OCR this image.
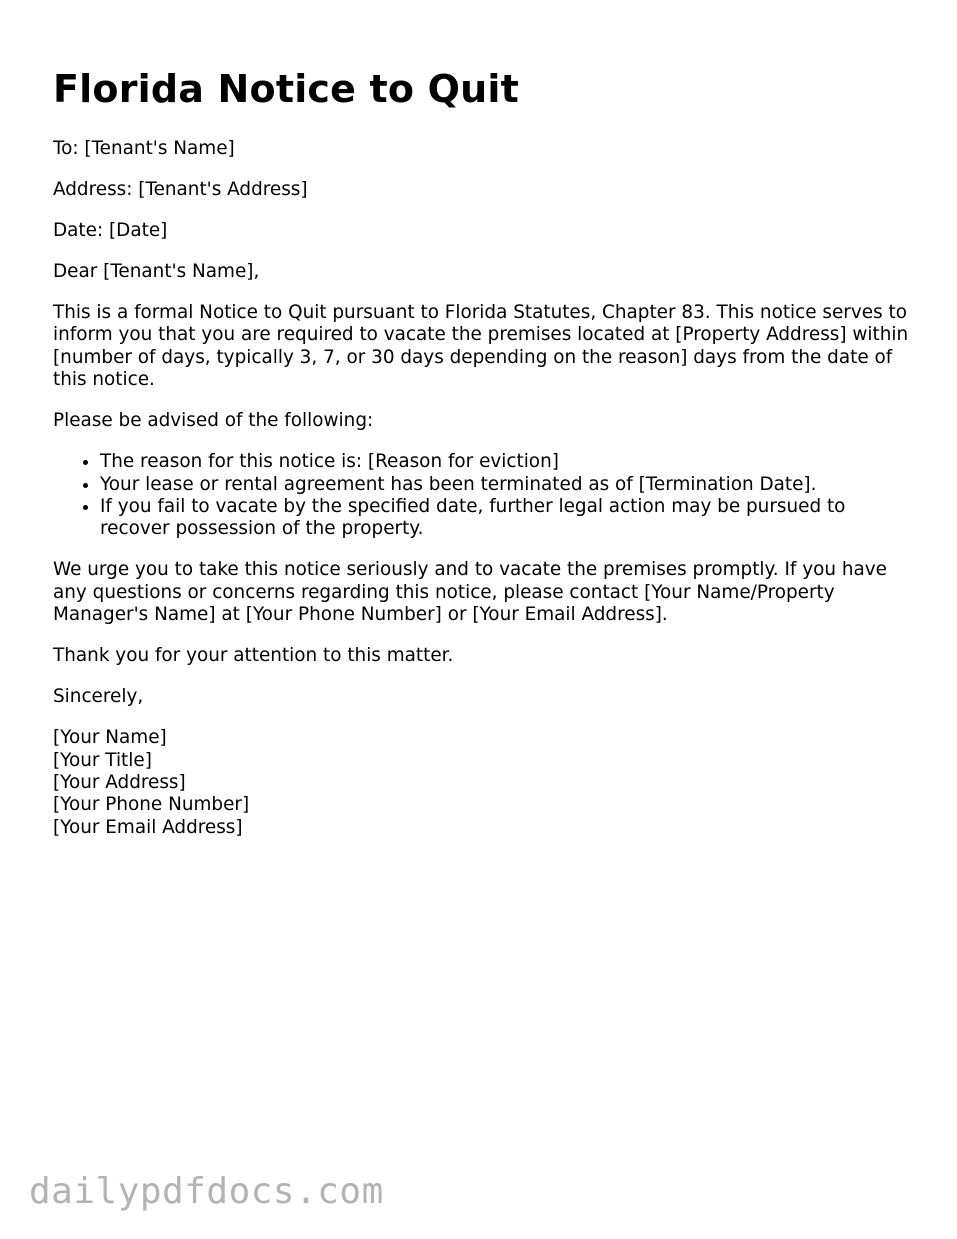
Florida Notice to Quit

To: [Tenant's Name]

Address: [Tenant's Address]

Date: [Date]

Dear [Tenant's Name],

This is a formal Notice to Quit pursuant to Florida Statutes, Chapter 83. This notice serves to inform you that you are required to vacate the premises located at [Property Address] within [number of days, typically 3, 7, or 30 days depending on the reason] days from the date of this notice.

Please be advised of the following:

• The reason for this notice is: [Reason for eviction]
• Your lease or rental agreement has been terminated as of [Termination Date].
• If you fail to vacate by the specified date, further legal action may be pursued to recover possession of the property.

We urge you to take this notice seriously and to vacate the premises promptly. If you have any questions or concerns regarding this notice, please contact [Your Name/Property Manager's Name] at [Your Phone Number] or [Your Email Address].

Thank you for your attention to this matter.

Sincerely,

[Your Name]
[Your Title]
[Your Address]
[Your Phone Number]
[Your Email Address]
dailypdfdocs.com
